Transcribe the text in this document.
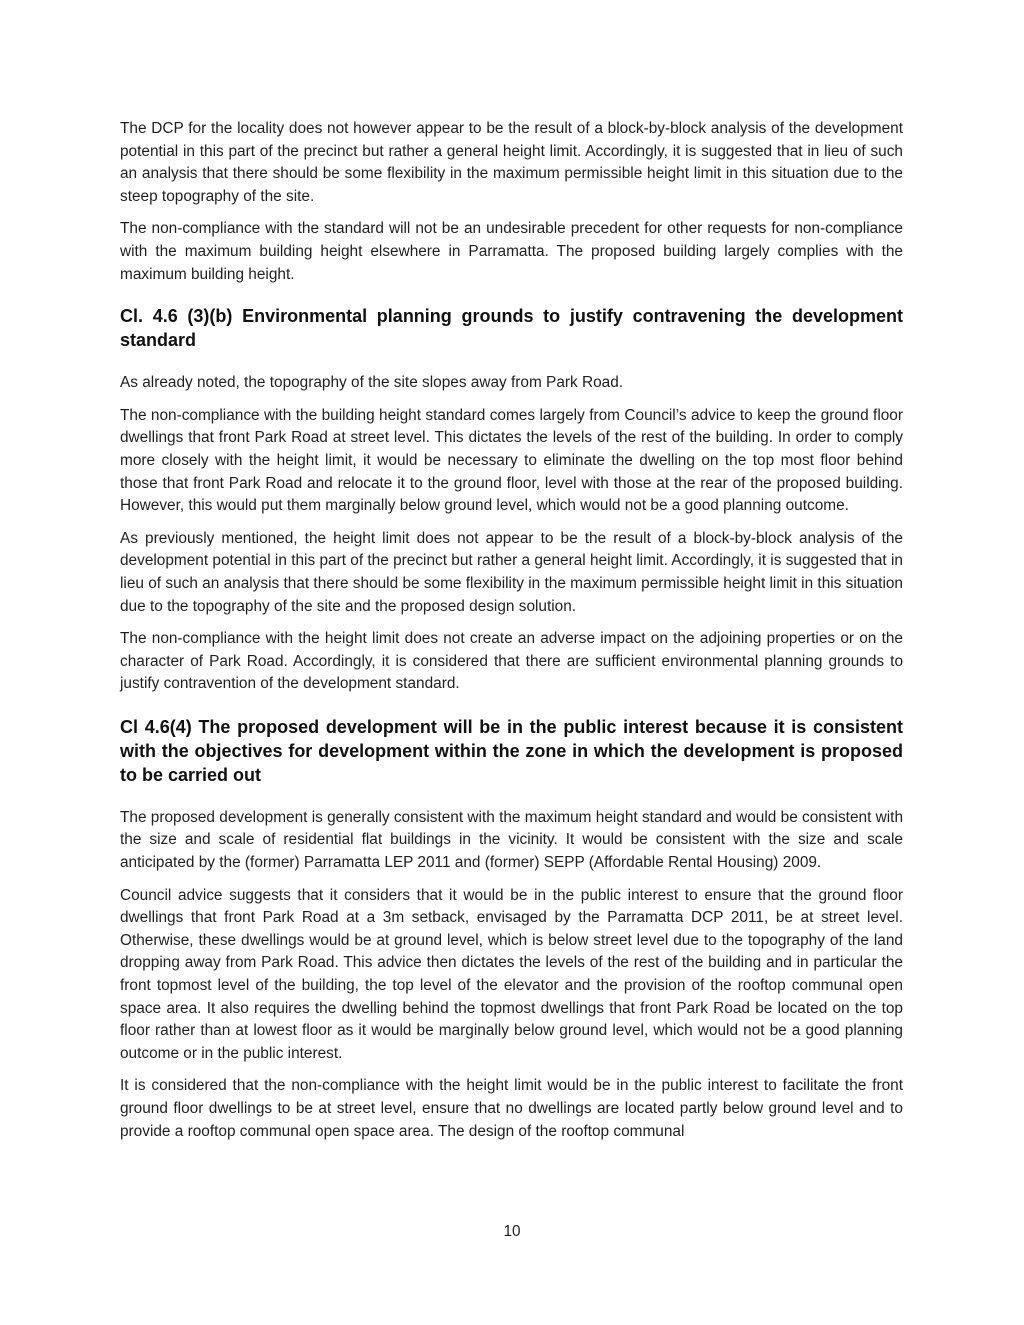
The DCP for the locality does not however appear to be the result of a block-by-block analysis of the development potential in this part of the precinct but rather a general height limit. Accordingly, it is suggested that in lieu of such an analysis that there should be some flexibility in the maximum permissible height limit in this situation due to the steep topography of the site.

The non-compliance with the standard will not be an undesirable precedent for other requests for non-compliance with the maximum building height elsewhere in Parramatta. The proposed building largely complies with the maximum building height.

Cl. 4.6 (3)(b) Environmental planning grounds to justify contravening the development standard

As already noted, the topography of the site slopes away from Park Road.

The non-compliance with the building height standard comes largely from Council’s advice to keep the ground floor dwellings that front Park Road at street level. This dictates the levels of the rest of the building. In order to comply more closely with the height limit, it would be necessary to eliminate the dwelling on the top most floor behind those that front Park Road and relocate it to the ground floor, level with those at the rear of the proposed building. However, this would put them marginally below ground level, which would not be a good planning outcome.

As previously mentioned, the height limit does not appear to be the result of a block-by-block analysis of the development potential in this part of the precinct but rather a general height limit. Accordingly, it is suggested that in lieu of such an analysis that there should be some flexibility in the maximum permissible height limit in this situation due to the topography of the site and the proposed design solution.

The non-compliance with the height limit does not create an adverse impact on the adjoining properties or on the character of Park Road. Accordingly, it is considered that there are sufficient environmental planning grounds to justify contravention of the development standard.

Cl 4.6(4) The proposed development will be in the public interest because it is consistent with the objectives for development within the zone in which the development is proposed to be carried out

The proposed development is generally consistent with the maximum height standard and would be consistent with the size and scale of residential flat buildings in the vicinity. It would be consistent with the size and scale anticipated by the (former) Parramatta LEP 2011 and (former) SEPP (Affordable Rental Housing) 2009.

Council advice suggests that it considers that it would be in the public interest to ensure that the ground floor dwellings that front Park Road at a 3m setback, envisaged by the Parramatta DCP 2011, be at street level. Otherwise, these dwellings would be at ground level, which is below street level due to the topography of the land dropping away from Park Road. This advice then dictates the levels of the rest of the building and in particular the front topmost level of the building, the top level of the elevator and the provision of the rooftop communal open space area. It also requires the dwelling behind the topmost dwellings that front Park Road be located on the top floor rather than at lowest floor as it would be marginally below ground level, which would not be a good planning outcome or in the public interest.

It is considered that the non-compliance with the height limit would be in the public interest to facilitate the front ground floor dwellings to be at street level, ensure that no dwellings are located partly below ground level and to provide a rooftop communal open space area. The design of the rooftop communal

10
